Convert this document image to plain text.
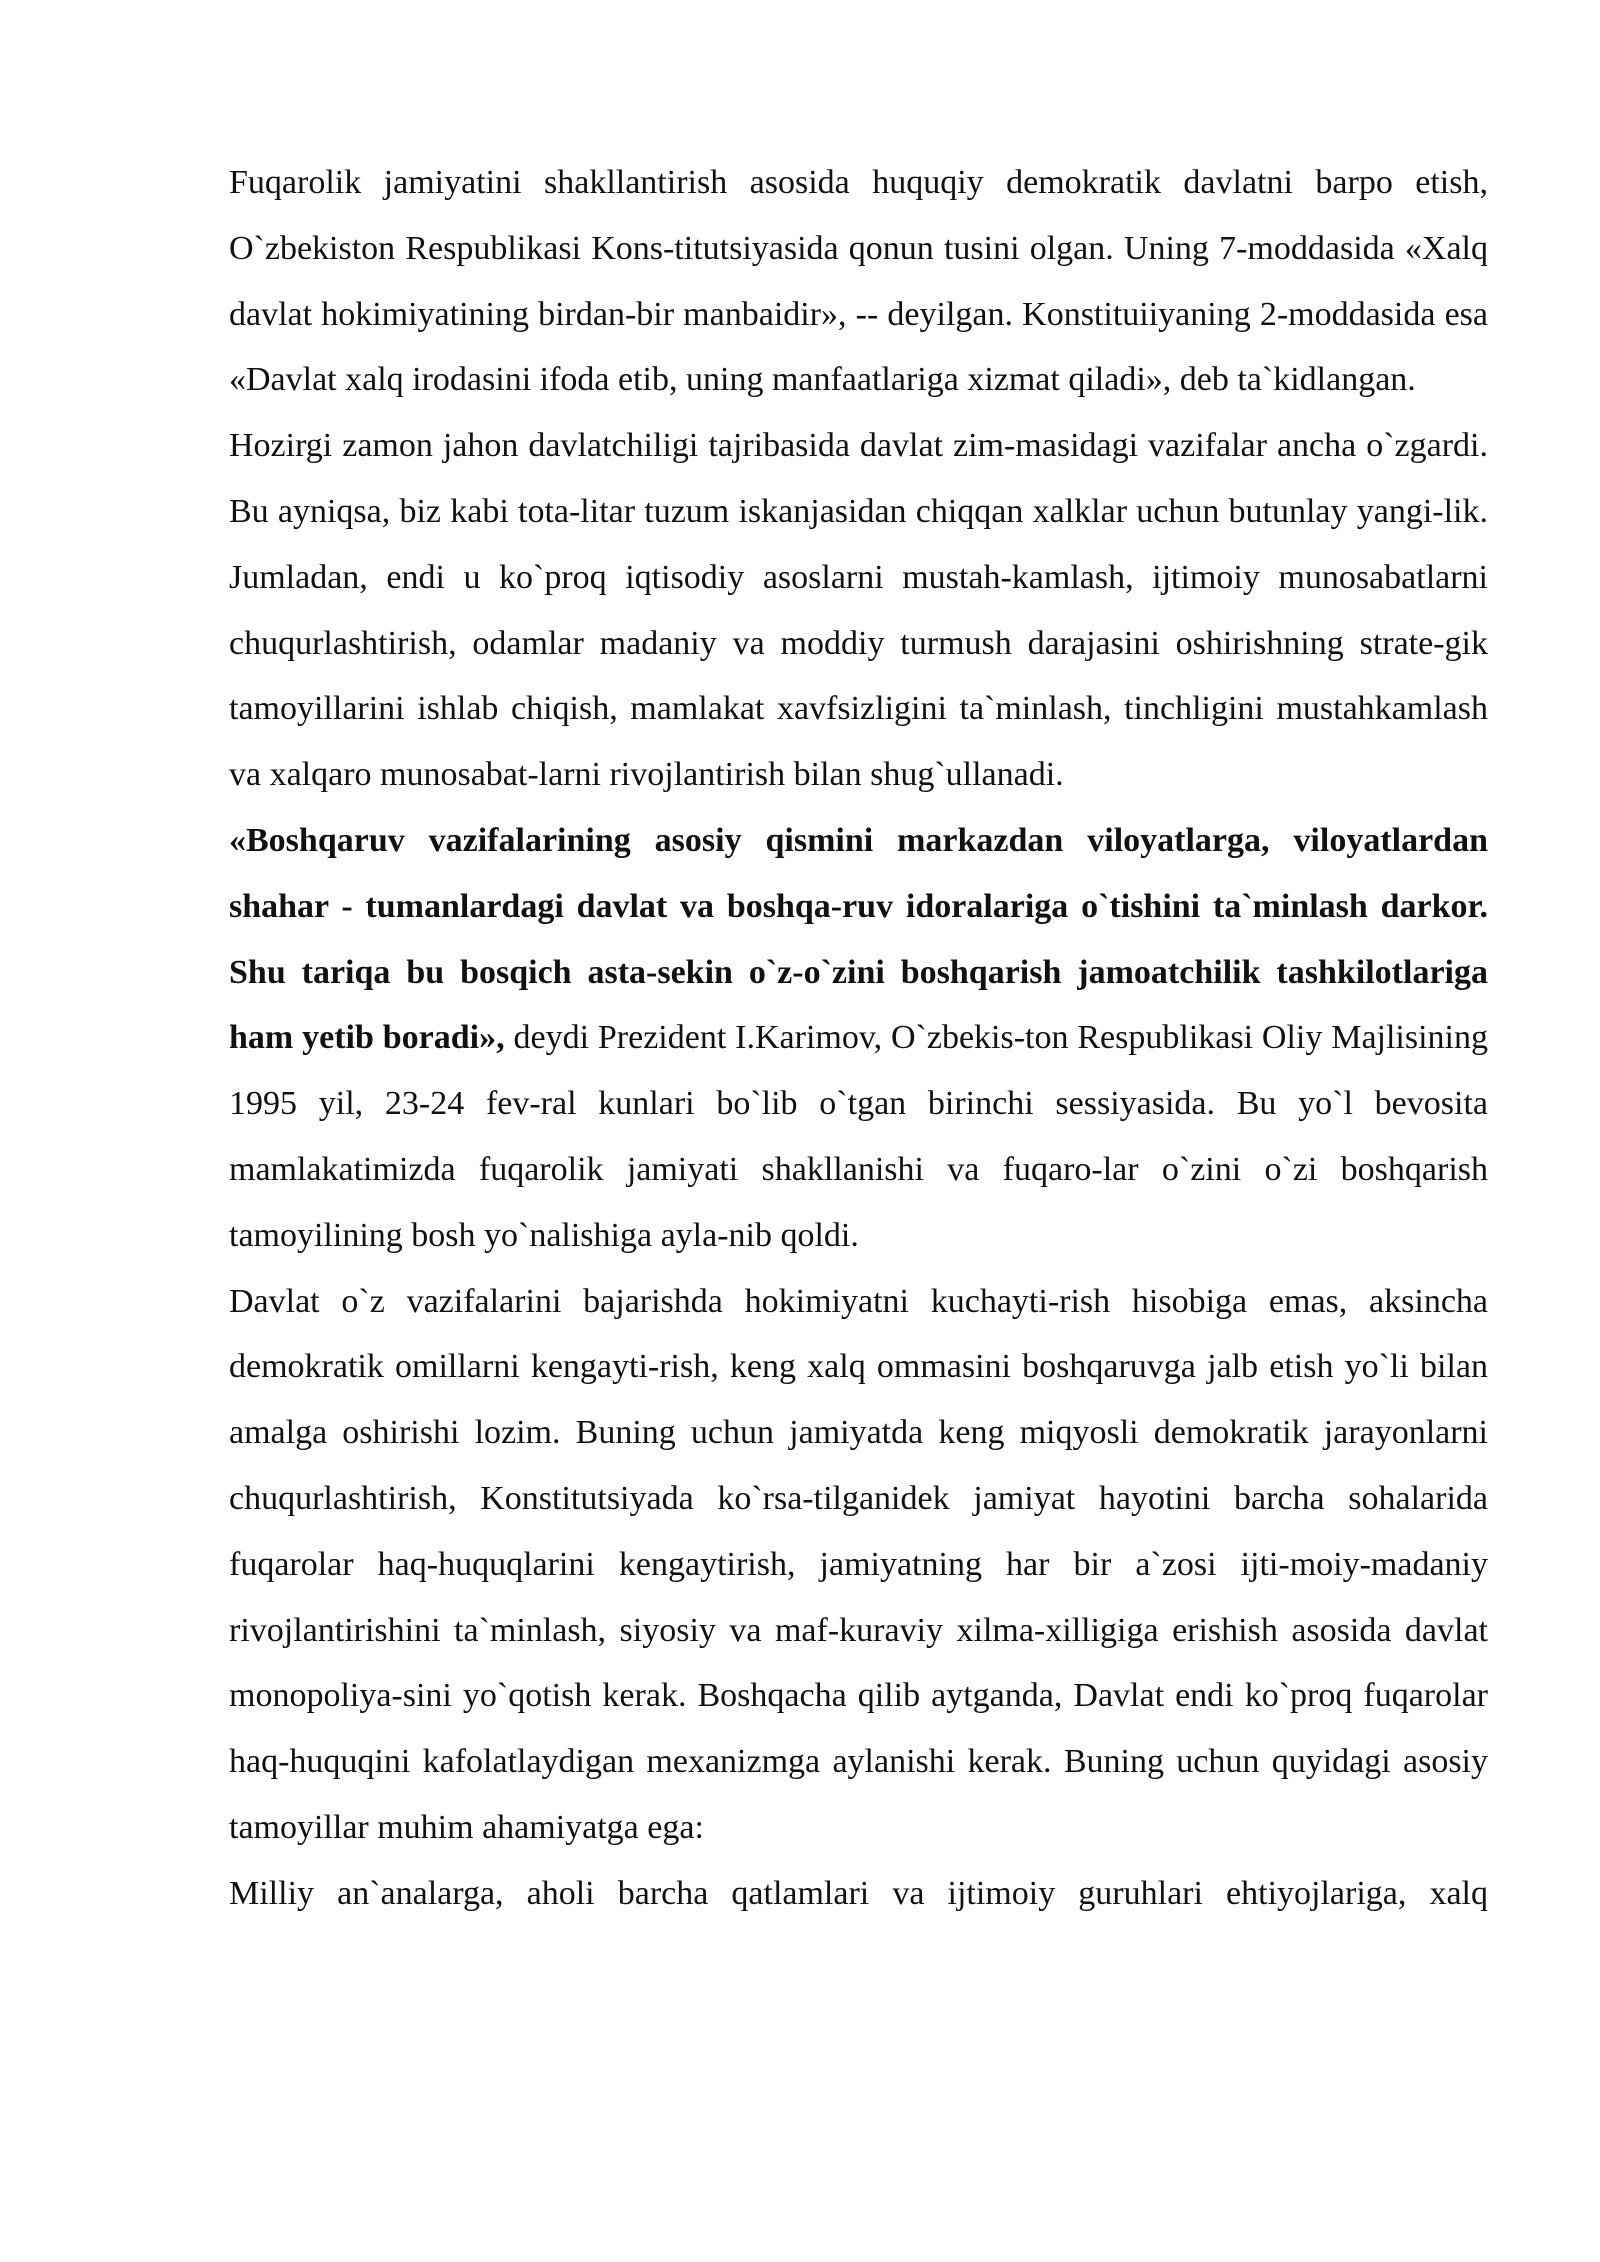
Fuqarolik jamiyatini shakllantirish asosida huquqiy demokratik davlatni barpo etish, O`zbekiston Respublikasi Kons-titutsiyasida qonun tusini olgan. Uning 7-moddasida «Xalq davlat hokimiyatining birdan-bir manbaidir», -- deyilgan. Konstituiiyaning 2-moddasida esa «Davlat xalq irodasini ifoda etib, uning manfaatlariga xizmat qiladi», deb ta`kidlangan.

Hozirgi zamon jahon davlatchiligi tajribasida davlat zim-masidagi vazifalar ancha o`zgardi. Bu ayniqsa, biz kabi tota-litar tuzum iskanjasidan chiqqan xalklar uchun butunlay yangi-lik. Jumladan, endi u ko`proq iqtisodiy asoslarni mustah-kamlash, ijtimoiy munosabatlarni chuqurlashtirish, odamlar madaniy va moddiy turmush darajasini oshirishning strate-gik tamoyillarini ishlab chiqish, mamlakat xavfsizligini ta`minlash, tinchligini mustahkamlash va xalqaro munosabat-larni rivojlantirish bilan shug`ullanadi.

«Boshqaruv vazifalarining asosiy qismini markazdan viloyatlarga, viloyatlardan shahar - tumanlardagi davlat va boshqa-ruv idoralariga o`tishini ta`minlash darkor. Shu tariqa bu bosqich asta-sekin o`z-o`zini boshqarish jamoatchilik tashkilotlariga ham yetib boradi», deydi Prezident I.Karimov, O`zbekis-ton Respublikasi Oliy Majlisining 1995 yil, 23-24 fev-ral kunlari bo`lib o`tgan birinchi sessiyasida. Bu yo`l bevosita mamlakatimizda fuqarolik jamiyati shakllanishi va fuqaro-lar o`zini o`zi boshqarish tamoyilining bosh yo`nalishiga ayla-nib qoldi.

Davlat o`z vazifalarini bajarishda hokimiyatni kuchayti-rish hisobiga emas, aksincha demokratik omillarni kengayti-rish, keng xalq ommasini boshqaruvga jalb etish yo`li bilan amalga oshirishi lozim. Buning uchun jamiyatda keng miqyosli demokratik jarayonlarni chuqurlashtirish, Konstitutsiyada ko`rsa-tilganidek jamiyat hayotini barcha sohalarida fuqarolar haq-huquqlarini kengaytirish, jamiyatning har bir a`zosi ijti-moiy-madaniy rivojlantirishini ta`minlash, siyosiy va maf-kuraviy xilma-xilligiga erishish asosida davlat monopoliya-sini yo`qotish kerak. Boshqacha qilib aytganda, Davlat endi ko`proq fuqarolar haq-huquqini kafolatlaydigan mexanizmga aylanishi kerak. Buning uchun quyidagi asosiy tamoyillar muhim ahamiyatga ega:

Milliy an`analarga, aholi barcha qatlamlari va ijtimoiy guruhlari ehtiyojlariga, xalq
